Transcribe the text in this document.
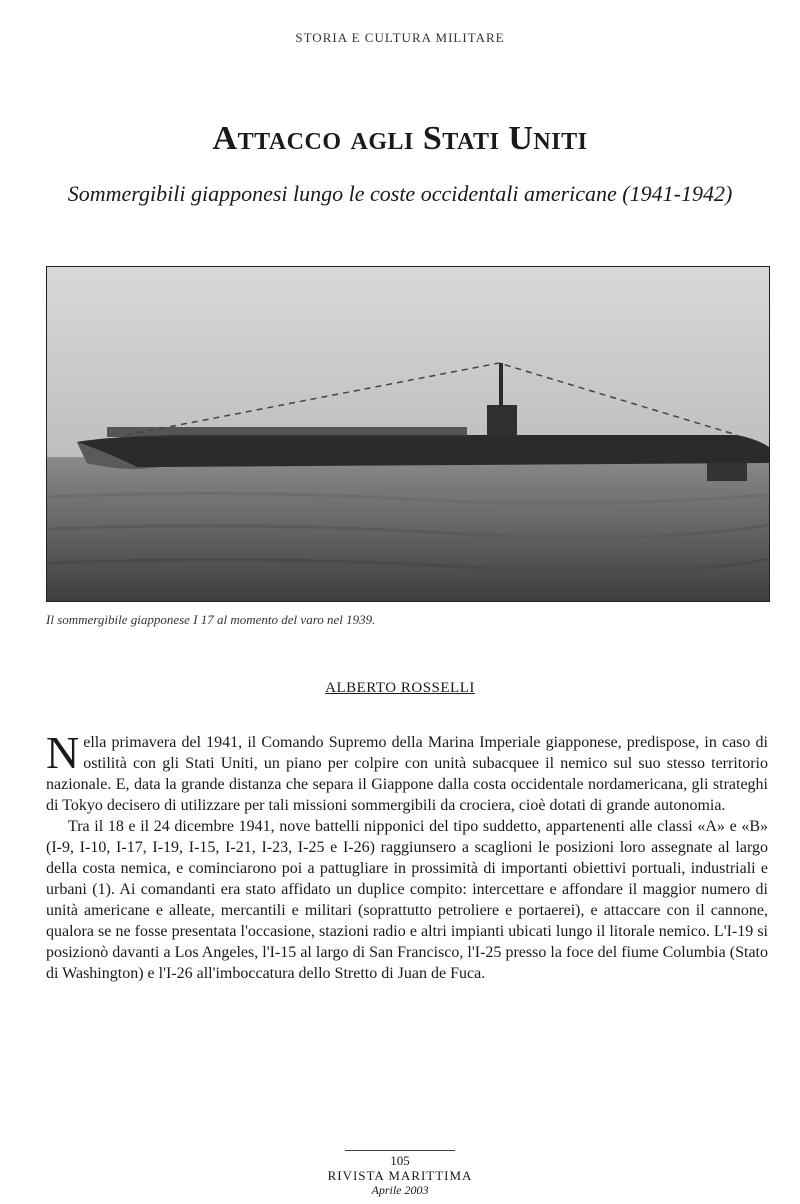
STORIA E CULTURA MILITARE
Attacco agli Stati Uniti
Sommergibili giapponesi lungo le coste occidentali americane (1941-1942)
Il sommergibile giapponese I 17 al momento del varo nel 1939.
ALBERTO ROSSELLI

Nella primavera del 1941, il Comando Supremo della Marina Imperiale giapponese, predispose, in caso di ostilità con gli Stati Uniti, un piano per colpire con unità subacquee il nemico sul suo stesso territorio nazionale. E, data la grande distanza che separa il Giappone dalla costa occidentale nordamericana, gli strateghi di Tokyo decisero di utilizzare per tali missioni sommergibili da crociera, cioè dotati di grande autonomia.

Tra il 18 e il 24 dicembre 1941, nove battelli nipponici del tipo suddetto, appartenenti alle classi «A» e «B» (I-9, I-10, I-17, I-19, I-15, I-21, I-23, I-25 e I-26) raggiunsero a scaglioni le posizioni loro assegnate al largo della costa nemica, e cominciarono poi a pattugliare in prossimità di importanti obiettivi portuali, industriali e urbani (1). Ai comandanti era stato affidato un duplice compito: intercettare e affondare il maggior numero di unità americane e alleate, mercantili e militari (soprattutto petroliere e portaerei), e attaccare con il cannone, qualora se ne fosse presentata l'occasione, stazioni radio e altri impianti ubicati lungo il litorale nemico. L'I-19 si posizionò davanti a Los Angeles, l'I-15 al largo di San Francisco, l'I-25 presso la foce del fiume Columbia (Stato di Washington) e l'I-26 all'imboccatura dello Stretto di Juan de Fuca.

105
RIVISTA MARITTIMA
Aprile 2003
